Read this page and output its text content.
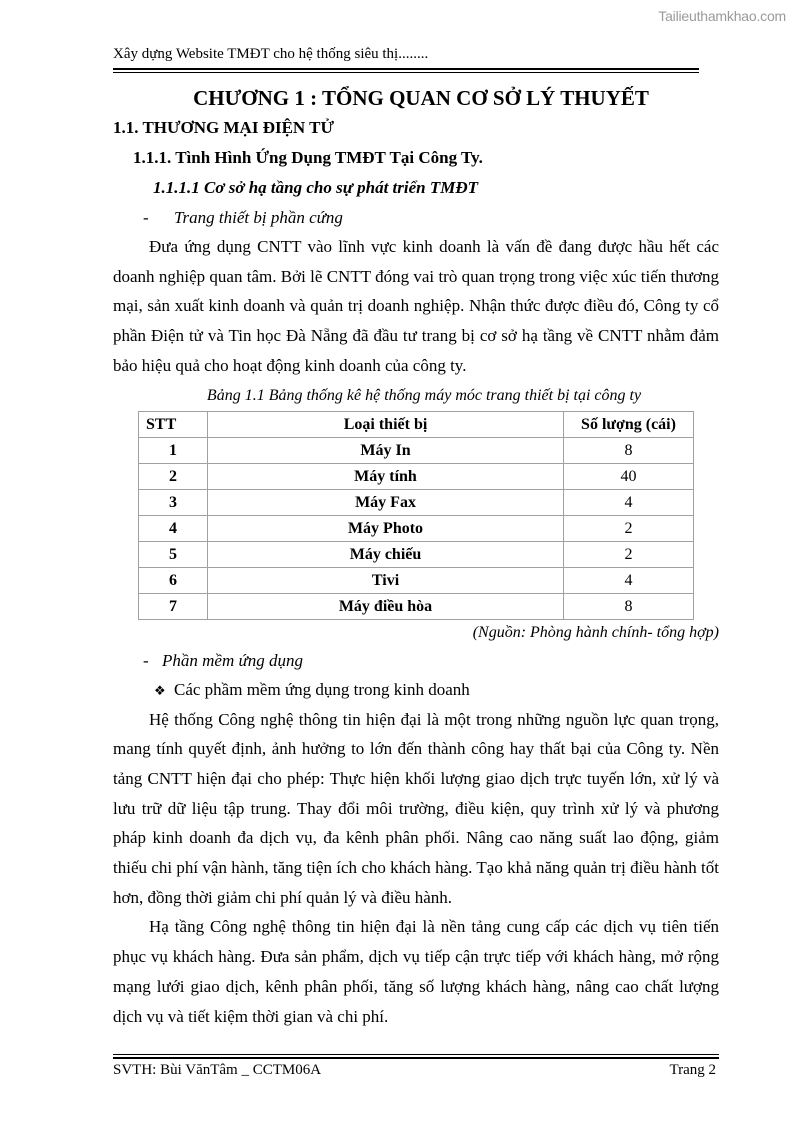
Tailieuthamkhao.com
Xây dựng Website TMĐT cho hệ thống siêu thị........
CHƯƠNG 1 : TỔNG QUAN CƠ SỞ LÝ THUYẾT
1.1. THƯƠNG MẠI ĐIỆN TỬ
1.1.1. Tình Hình Ứng Dụng TMĐT Tại Công Ty.
1.1.1.1 Cơ sở hạ tầng cho sự phát triển TMĐT
- Trang thiết bị phần cứng

Đưa ứng dụng CNTT vào lĩnh vực kinh doanh là vấn đề đang được hầu hết các doanh nghiệp quan tâm. Bởi lẽ CNTT đóng vai trò quan trọng trong việc xúc tiến thương mại, sản xuất kinh doanh và quản trị doanh nghiệp. Nhận thức được điều đó, Công ty cổ phần Điện tử và Tin học Đà Nẵng đã đầu tư trang bị cơ sở hạ tầng về CNTT nhằm đảm bảo hiệu quả cho hoạt động kinh doanh của công ty.

Bảng 1.1 Bảng thống kê hệ thống máy móc trang thiết bị tại công ty
STT	Loại thiết bị	Số lượng (cái)
1	Máy In	8
2	Máy tính	40
3	Máy Fax	4
4	Máy Photo	2
5	Máy chiếu	2
6	Tivi	4
7	Máy điều hòa	8
(Nguồn: Phòng hành chính- tổng hợp)
- Phần mềm ứng dụng
❖ Các phầm mềm ứng dụng trong kinh doanh

Hệ thống Công nghệ thông tin hiện đại là một trong những nguồn lực quan trọng, mang tính quyết định, ảnh hưởng to lớn đến thành công hay thất bại của Công ty. Nền tảng CNTT hiện đại cho phép: Thực hiện khối lượng giao dịch trực tuyến lớn, xử lý và lưu trữ dữ liệu tập trung. Thay đổi môi trường, điều kiện, quy trình xử lý và phương pháp kinh doanh đa dịch vụ, đa kênh phân phối. Nâng cao năng suất lao động, giảm thiếu chi phí vận hành, tăng tiện ích cho khách hàng. Tạo khả năng quản trị điều hành tốt hơn, đồng thời giảm chi phí quản lý và điều hành.

Hạ tầng Công nghệ thông tin hiện đại là nền tảng cung cấp các dịch vụ tiên tiến phục vụ khách hàng. Đưa sản phẩm, dịch vụ tiếp cận trực tiếp với khách hàng, mở rộng mạng lưới giao dịch, kênh phân phối, tăng số lượng khách hàng, nâng cao chất lượng dịch vụ và tiết kiệm thời gian và chi phí.

SVTH: Bùi VănTâm _ CCTM06A	Trang 2
